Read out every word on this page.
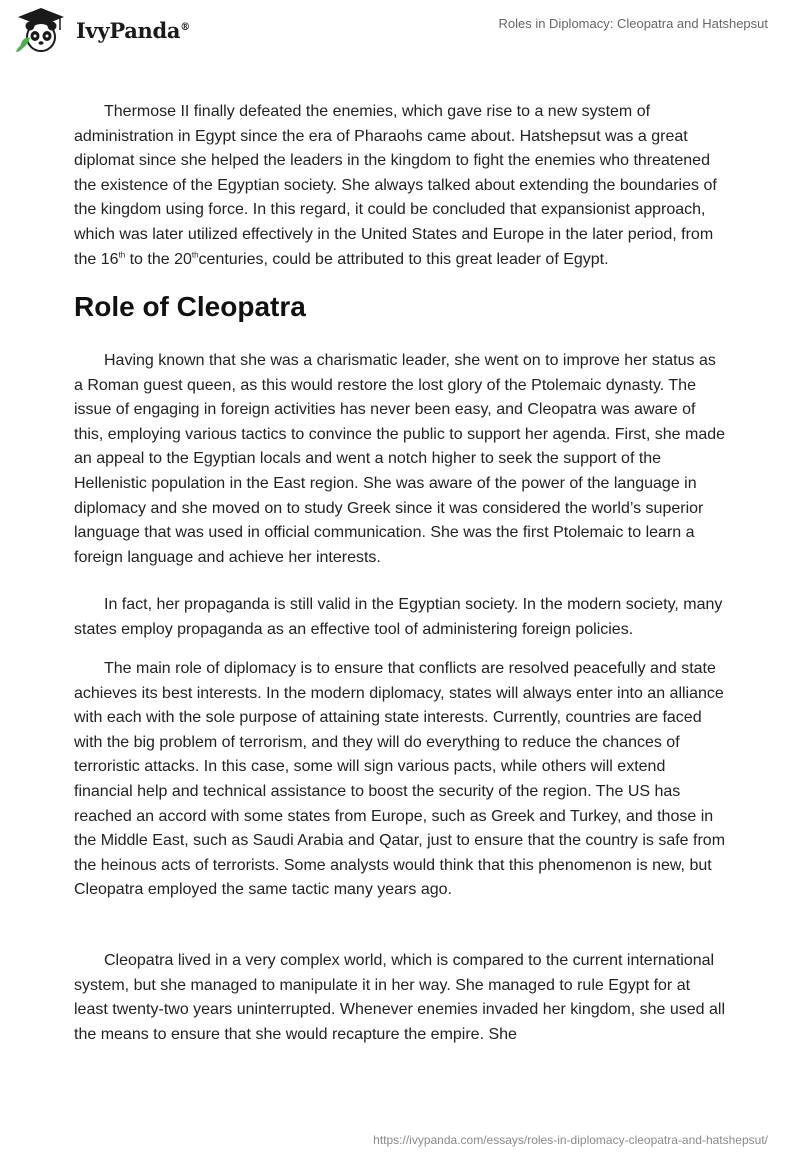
IvyPanda®	Roles in Diplomacy: Cleopatra and Hatshepsut

Thermose II finally defeated the enemies, which gave rise to a new system of administration in Egypt since the era of Pharaohs came about. Hatshepsut was a great diplomat since she helped the leaders in the kingdom to fight the enemies who threatened the existence of the Egyptian society. She always talked about extending the boundaries of the kingdom using force. In this regard, it could be concluded that expansionist approach, which was later utilized effectively in the United States and Europe in the later period, from the 16th to the 20thcenturies, could be attributed to this great leader of Egypt.

Role of Cleopatra

Having known that she was a charismatic leader, she went on to improve her status as a Roman guest queen, as this would restore the lost glory of the Ptolemaic dynasty. The issue of engaging in foreign activities has never been easy, and Cleopatra was aware of this, employing various tactics to convince the public to support her agenda. First, she made an appeal to the Egyptian locals and went a notch higher to seek the support of the Hellenistic population in the East region. She was aware of the power of the language in diplomacy and she moved on to study Greek since it was considered the world’s superior language that was used in official communication. She was the first Ptolemaic to learn a foreign language and achieve her interests.

In fact, her propaganda is still valid in the Egyptian society. In the modern society, many states employ propaganda as an effective tool of administering foreign policies.

The main role of diplomacy is to ensure that conflicts are resolved peacefully and state achieves its best interests. In the modern diplomacy, states will always enter into an alliance with each with the sole purpose of attaining state interests. Currently, countries are faced with the big problem of terrorism, and they will do everything to reduce the chances of terroristic attacks. In this case, some will sign various pacts, while others will extend financial help and technical assistance to boost the security of the region. The US has reached an accord with some states from Europe, such as Greek and Turkey, and those in the Middle East, such as Saudi Arabia and Qatar, just to ensure that the country is safe from the heinous acts of terrorists. Some analysts would think that this phenomenon is new, but Cleopatra employed the same tactic many years ago.

Cleopatra lived in a very complex world, which is compared to the current international system, but she managed to manipulate it in her way. She managed to rule Egypt for at least twenty-two years uninterrupted. Whenever enemies invaded her kingdom, she used all the means to ensure that she would recapture the empire. She

https://ivypanda.com/essays/roles-in-diplomacy-cleopatra-and-hatshepsut/
